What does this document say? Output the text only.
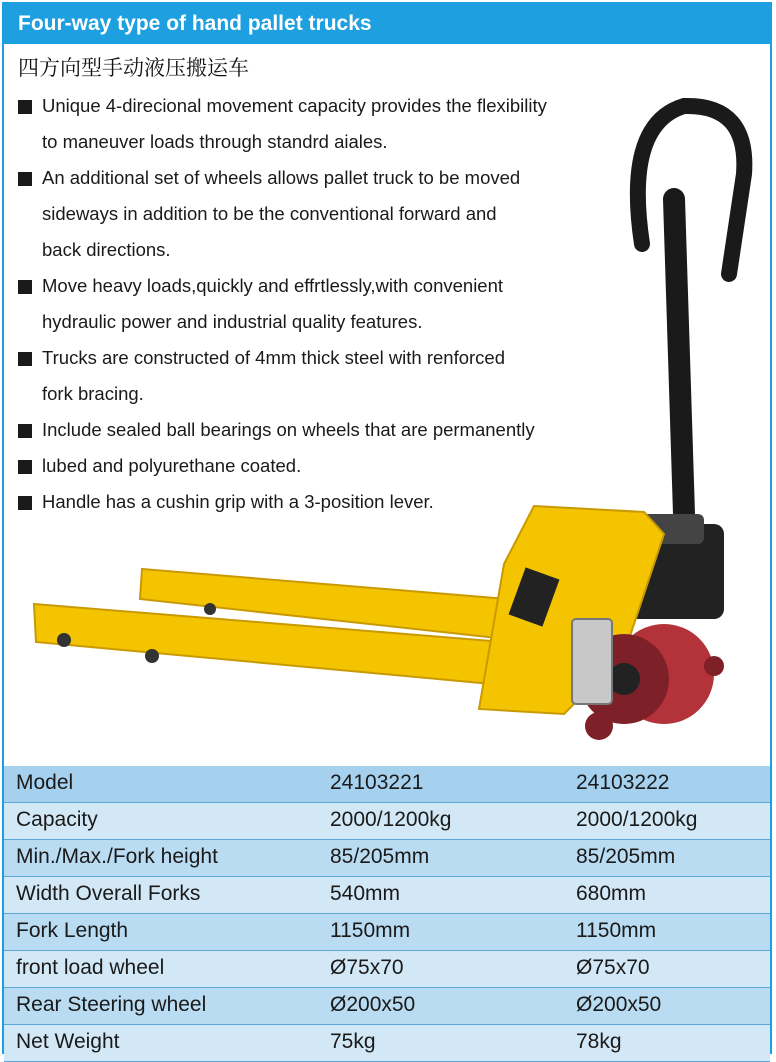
Four-way type of hand pallet trucks
四方向型手动液压搬运车
Unique 4-direcional movement capacity provides the flexibility
to maneuver loads through standrd aiales.
An additional set of wheels allows pallet truck to be moved
sideways in addition to be the conventional forward and
back directions.
Move heavy loads,quickly and effrtlessly,with convenient
hydraulic power and industrial quality features.
Trucks are constructed of 4mm thick steel with renforced
fork bracing.
Include sealed ball bearings on wheels that are permanently
lubed and polyurethane coated.
Handle has a cushin grip with a 3-position lever.
Model	24103221	24103222
Capacity	2000/1200kg	2000/1200kg
Min./Max./Fork height	85/205mm	85/205mm
Width Overall Forks	540mm	680mm
Fork Length	1150mm	1150mm
front load wheel	Ø75x70	Ø75x70
Rear Steering wheel	Ø200x50	Ø200x50
Net Weight	75kg	78kg
